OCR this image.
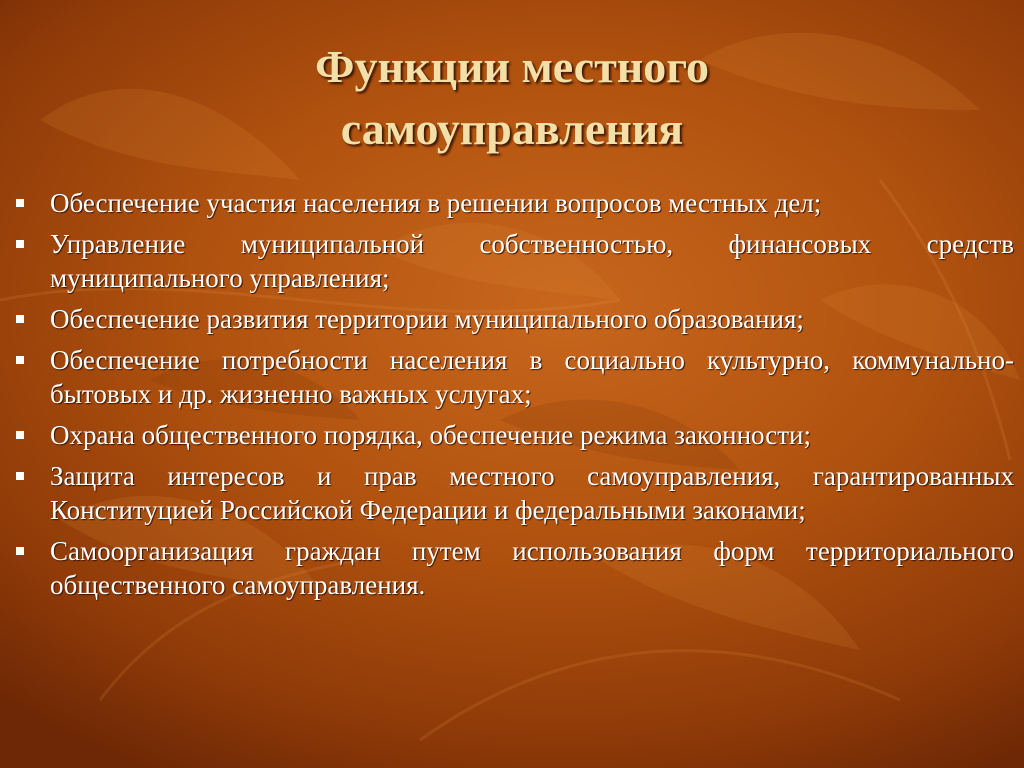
Функции местного
самоуправления
Обеспечение участия населения в решении вопросов местных дел;
Управление муниципальной собственностью, финансовых средств муниципального управления;
Обеспечение развития территории муниципального образования;
Обеспечение потребности населения в социально культурно, коммунально-бытовых и др. жизненно важных услугах;
Охрана общественного порядка, обеспечение режима законности;
Защита интересов и прав местного самоуправления, гарантированных Конституцией Российской Федерации и федеральными законами;
Самоорганизация граждан путем использования форм территориального общественного самоуправления.
